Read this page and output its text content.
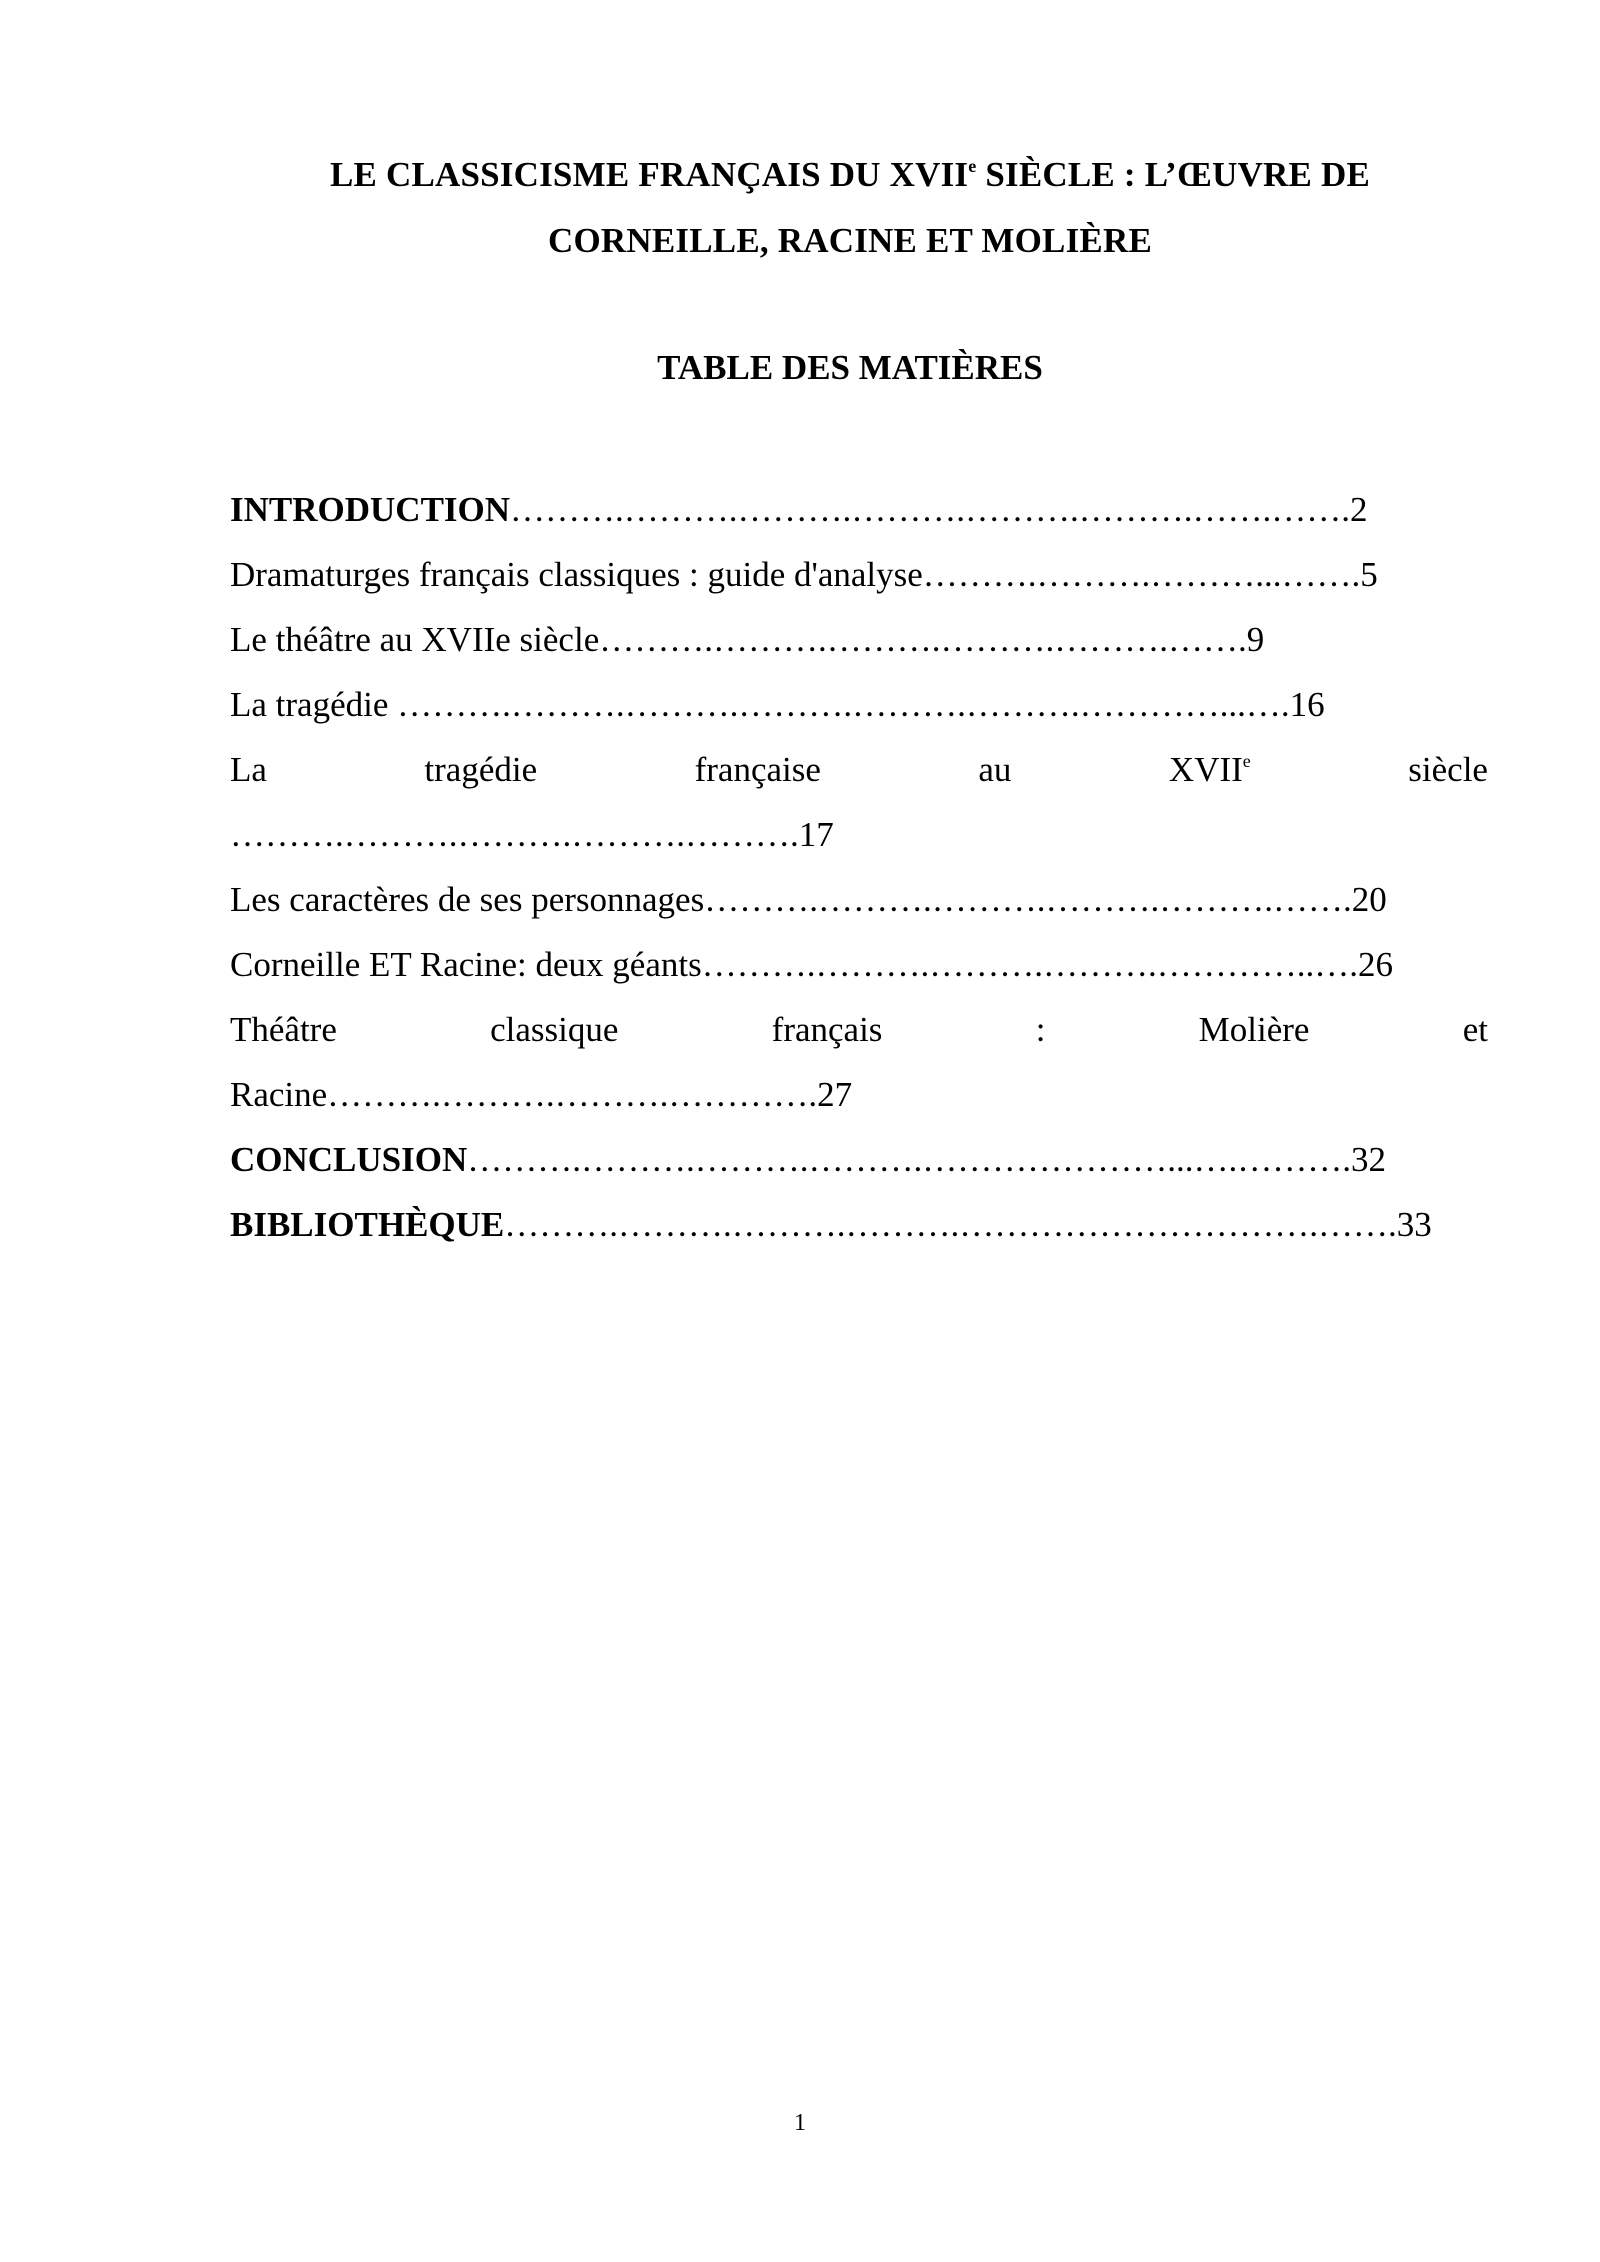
LE CLASSICISME FRANÇAIS DU XVIIe SIÈCLE : L’ŒUVRE DE
CORNEILLE, RACINE ET MOLIÈRE
TABLE DES MATIÈRES
INTRODUCTION……….……….……….……….……….……….…….…….2
Dramaturges français classiques : guide d'analyse……….……….………...…….5
Le théâtre au XVIIe siècle……….……….……….……….……….…….9
La tragédie ……….……….……….……….……….……….…………...….16
La	tragédie	française	au	XVIIe	siècle
……….……….……….……….……….17
Les caractères de ses personnages……….……….……….……….……….…….20
Corneille ET Racine: deux géants……….……….……….……….…………..….26
Théâtre	classique	français	:	Molière	et
Racine……….……….……….………….27
CONCLUSION……….……….……….……….…………………...….……….32
BIBLIOTHÈQUE……….……….……….……….………………………….…….33
1
